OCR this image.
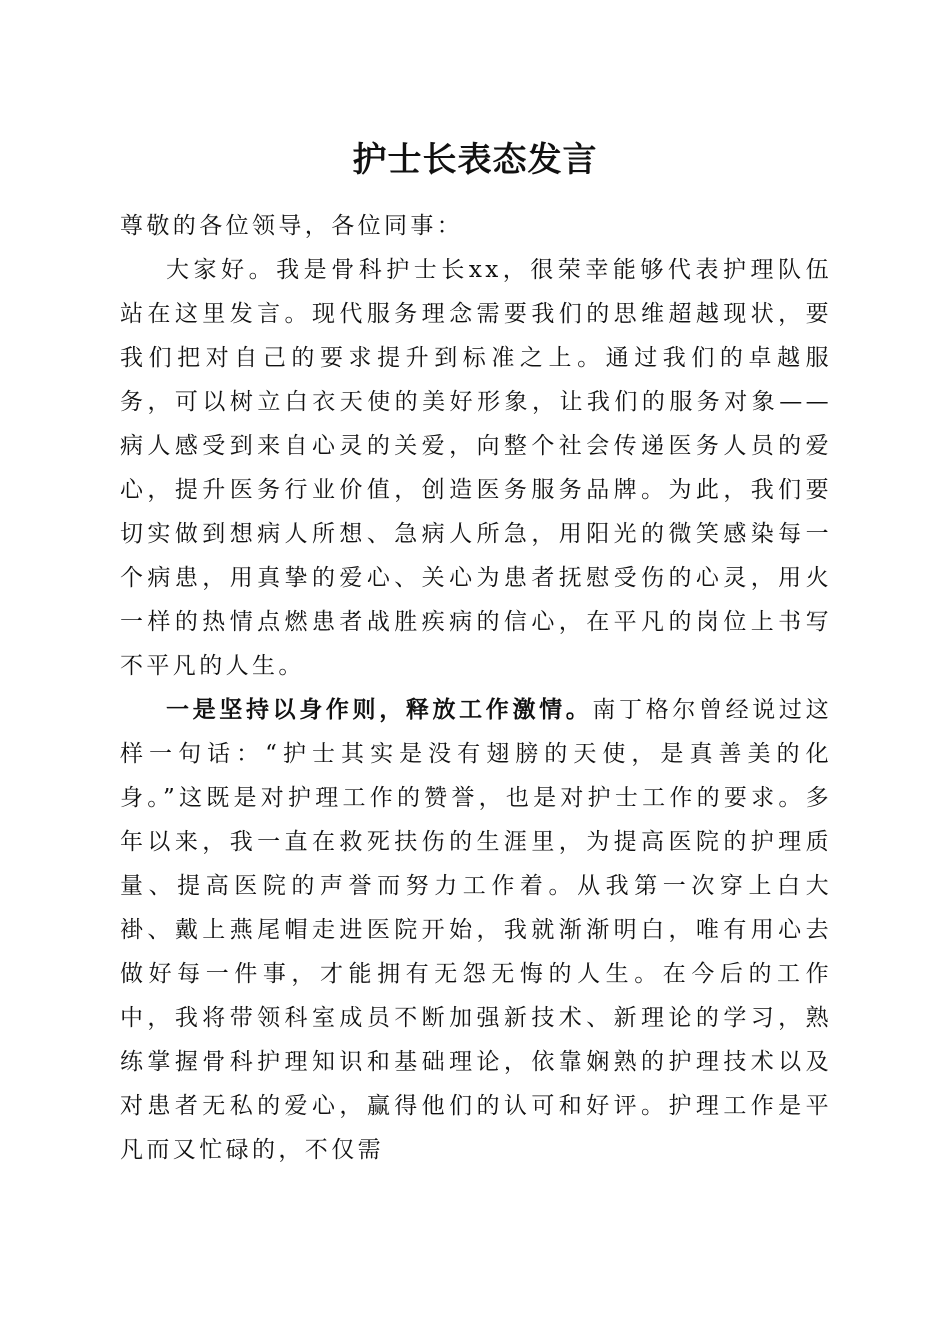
护士长表态发言

尊敬的各位领导，各位同事：

大家好。我是骨科护士长xx，很荣幸能够代表护理队伍站在这里发言。现代服务理念需要我们的思维超越现状，要我们把对自己的要求提升到标准之上。通过我们的卓越服务，可以树立白衣天使的美好形象，让我们的服务对象——病人感受到来自心灵的关爱，向整个社会传递医务人员的爱心，提升医务行业价值，创造医务服务品牌。为此，我们要切实做到想病人所想、急病人所急，用阳光的微笑感染每一个病患，用真挚的爱心、关心为患者抚慰受伤的心灵，用火一样的热情点燃患者战胜疾病的信心，在平凡的岗位上书写不平凡的人生。

一是坚持以身作则，释放工作激情。南丁格尔曾经说过这样一句话：“护士其实是没有翅膀的天使，是真善美的化身。”这既是对护理工作的赞誉，也是对护士工作的要求。多年以来，我一直在救死扶伤的生涯里，为提高医院的护理质量、提高医院的声誉而努力工作着。从我第一次穿上白大褂、戴上燕尾帽走进医院开始，我就渐渐明白，唯有用心去做好每一件事，才能拥有无怨无悔的人生。在今后的工作中，我将带领科室成员不断加强新技术、新理论的学习，熟练掌握骨科护理知识和基础理论，依靠娴熟的护理技术以及对患者无私的爱心，赢得他们的认可和好评。护理工作是平凡而又忙碌的，不仅需
